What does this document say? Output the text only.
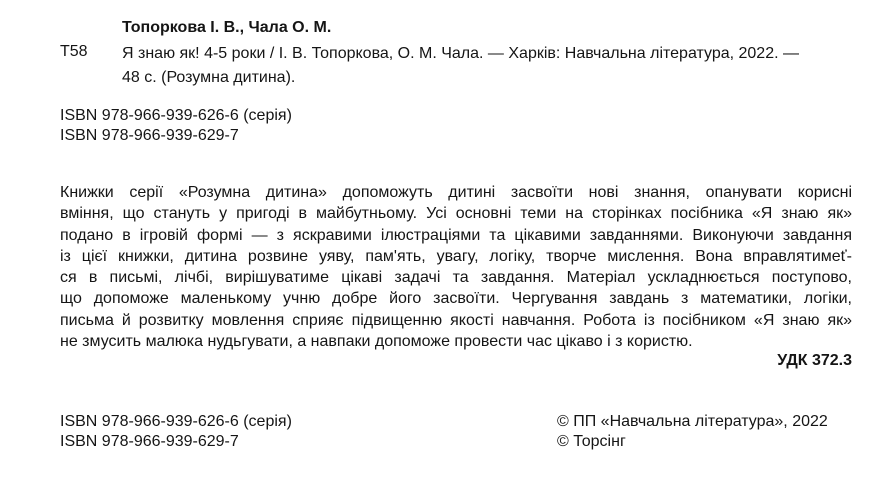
Топоркова І. В., Чала О. М.
Т58 Я знаю як! 4-5 роки / І. В. Топоркова, О. М. Чала. — Харків: Навчальна література, 2022. —
48 с. (Розумна дитина).
ISBN 978-966-939-626-6 (серія)
ISBN 978-966-939-629-7
Книжки серії «Розумна дитина» допоможуть дитині засвоїти нові знання, опанувати корисні
вміння, що стануть у пригоді в майбутньому. Усі основні теми на сторінках посібника «Я знаю як»
подано в ігровій формі — з яскравими ілюстраціями та цікавими завданнями. Виконуючи завдання
із цієї книжки, дитина розвине уяву, пам'ять, увагу, логіку, творче мислення. Вона вправлятимеť-
ся в письмі, лічбі, вирішуватиме цікаві задачі та завдання. Матеріал ускладнюється поступово,
що допоможе маленькому учню добре його засвоїти. Чергування завдань з математики, логіки,
письма й розвитку мовлення сприяє підвищенню якості навчання. Робота із посібником «Я знаю як»
не змусить малюка нудьгувати, а навпаки допоможе провести час цікаво і з користю.
УДК 372.3
ISBN 978-966-939-626-6 (серія)
ISBN 978-966-939-629-7
© ПП «Навчальна література», 2022
© Торсінг
